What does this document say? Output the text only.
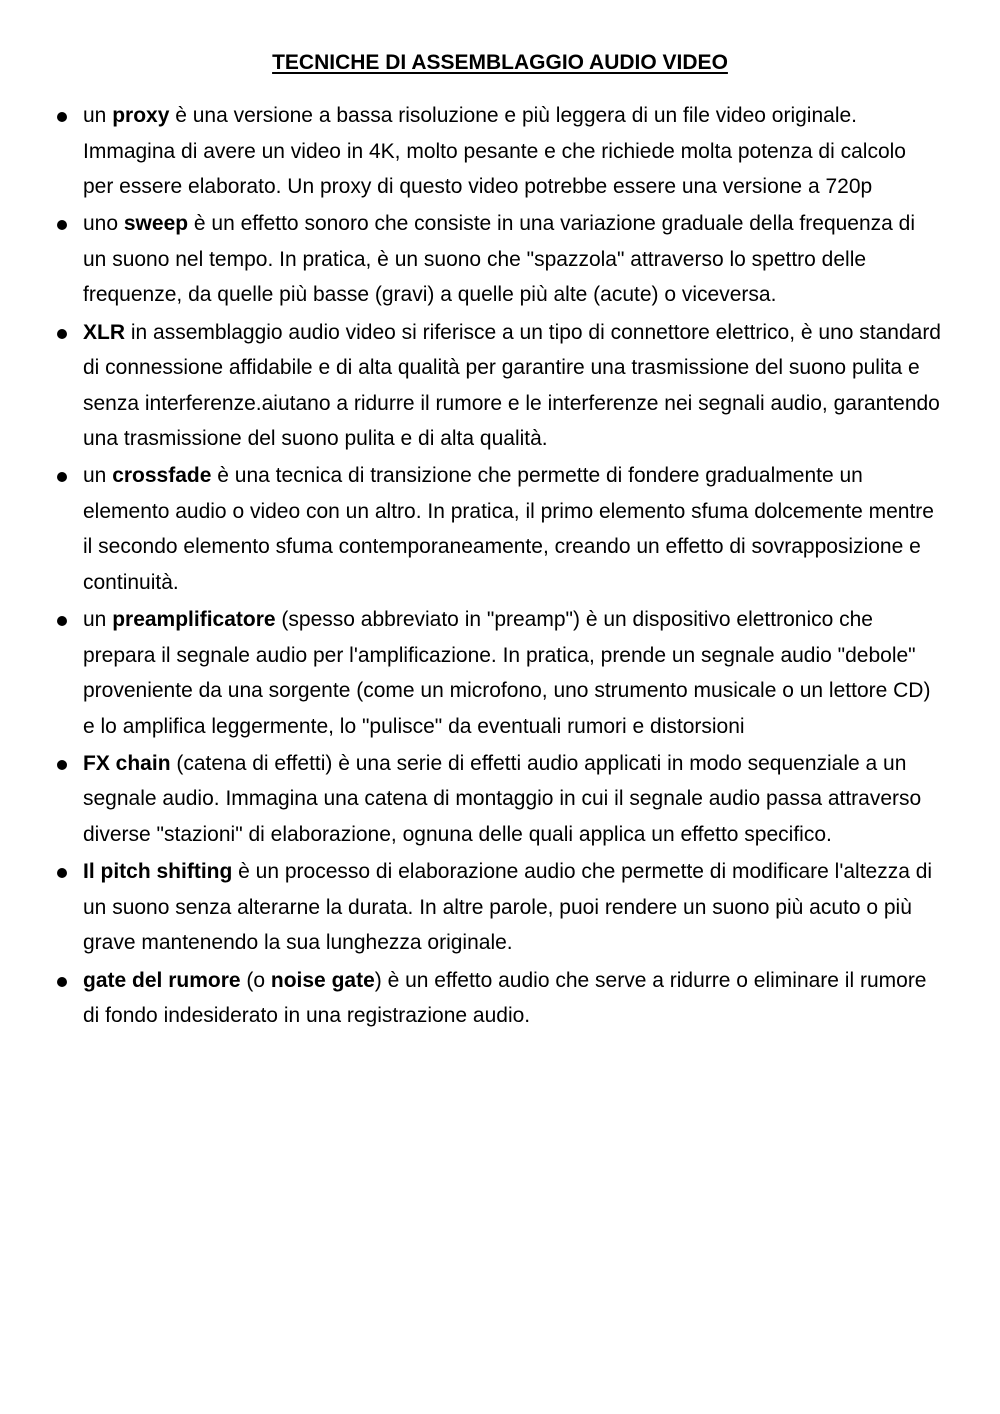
TECNICHE DI ASSEMBLAGGIO AUDIO VIDEO
un proxy è una versione a bassa risoluzione e più leggera di un file video originale. Immagina di avere un video in 4K, molto pesante e che richiede molta potenza di calcolo per essere elaborato. Un proxy di questo video potrebbe essere una versione a 720p
uno sweep è un effetto sonoro che consiste in una variazione graduale della frequenza di un suono nel tempo. In pratica, è un suono che "spazzola" attraverso lo spettro delle frequenze, da quelle più basse (gravi) a quelle più alte (acute) o viceversa.
XLR in assemblaggio audio video si riferisce a un tipo di connettore elettrico, è uno standard di connessione affidabile e di alta qualità per garantire una trasmissione del suono pulita e senza interferenze.aiutano a ridurre il rumore e le interferenze nei segnali audio, garantendo una trasmissione del suono pulita e di alta qualità.
un crossfade è una tecnica di transizione che permette di fondere gradualmente un elemento audio o video con un altro. In pratica, il primo elemento sfuma dolcemente mentre il secondo elemento sfuma contemporaneamente, creando un effetto di sovrapposizione e continuità.
un preamplificatore (spesso abbreviato in "preamp") è un dispositivo elettronico che prepara il segnale audio per l'amplificazione. In pratica, prende un segnale audio "debole" proveniente da una sorgente (come un microfono, uno strumento musicale o un lettore CD) e lo amplifica leggermente, lo "pulisce" da eventuali rumori e distorsioni
FX chain (catena di effetti) è una serie di effetti audio applicati in modo sequenziale a un segnale audio. Immagina una catena di montaggio in cui il segnale audio passa attraverso diverse "stazioni" di elaborazione, ognuna delle quali applica un effetto specifico.
Il pitch shifting è un processo di elaborazione audio che permette di modificare l'altezza di un suono senza alterarne la durata. In altre parole, puoi rendere un suono più acuto o più grave mantenendo la sua lunghezza originale.
gate del rumore (o noise gate) è un effetto audio che serve a ridurre o eliminare il rumore di fondo indesiderato in una registrazione audio.
